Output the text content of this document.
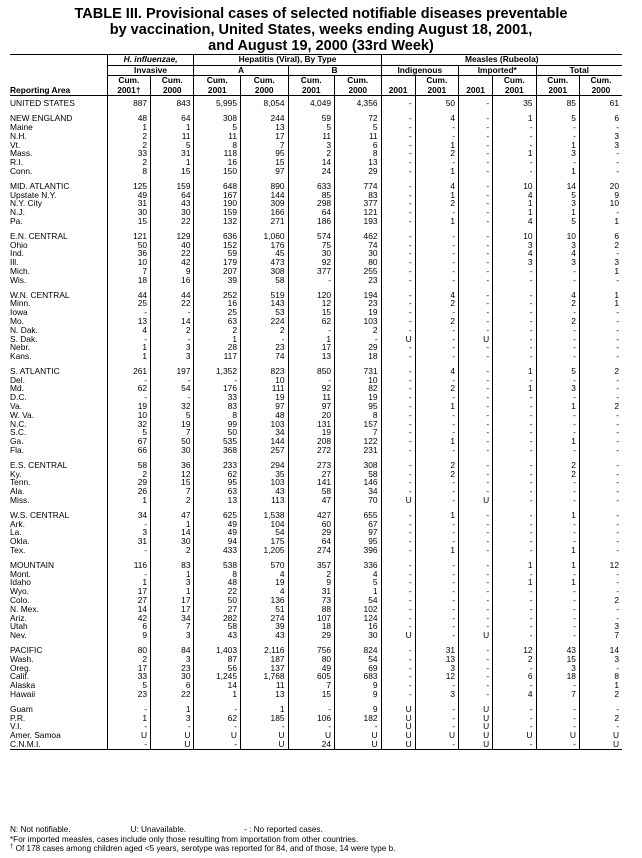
TABLE III. Provisional cases of selected notifiable diseases preventable
by vaccination, United States, weeks ending August 18, 2001,
and August 19, 2000 (33rd Week)
	H. influenzae,		Hepatitis (Viral), By Type				Measles (Rubeola)					
	Invasive		A		B		Indigenous		Imported*		Total	
	Cum.	Cum.	Cum.	Cum.	Cum.	Cum.		Cum.		Cum.	Cum.	Cum.
Reporting Area	2001†	2000	2001	2000	2001	2000	2001	2001	2001	2001	2001	2000

UNITED STATES	887	843	5,995	8,054	4,049	4,356	-	50	-	35	85	61

NEW ENGLAND	48	64	308	244	59	72	-	4	-	1	5	6
Maine	1	1	5	13	5	5	-	-	-	-	-	-
N.H.	2	11	11	17	11	11	-	-	-	-	-	3
Vt.	2	5	8	7	3	6	-	1	-	-	1	3
Mass.	33	31	118	95	2	8	-	2	-	1	3	-
R.I.	2	1	16	15	14	13	-	-	-	-	-	-
Conn.	8	15	150	97	24	29	-	1	-	-	1	-

MID. ATLANTIC	125	159	648	890	633	774	-	4	-	10	14	20
Upstate N.Y.	49	64	167	144	85	83	-	1	-	4	5	9
N.Y. City	31	43	190	309	298	377	-	2	-	1	3	10
N.J.	30	30	159	166	64	121	-	-	-	1	1	-
Pa.	15	22	132	271	186	193	-	1	-	4	5	1

E.N. CENTRAL	121	129	636	1,060	574	462	-	-	-	10	10	6
Ohio	50	40	152	176	75	74	-	-	-	3	3	2
Ind.	36	22	59	45	30	30	-	-	-	4	4	-
Ill.	10	42	179	473	92	80	-	-	-	3	3	3
Mich.	7	9	207	308	377	255	-	-	-	-	-	1
Wis.	18	16	39	58	-	23	-	-	-	-	-	-

W.N. CENTRAL	44	44	252	519	120	194	-	4	-	-	4	1
Minn.	25	22	16	143	12	23	-	2	-	-	2	1
Iowa	-	-	25	53	15	19	-	-	-	-	-	-
Mo.	13	14	63	224	62	103	-	2	-	-	2	-
N. Dak.	4	2	2	2	-	2	-	-	-	-	-	-
S. Dak.	-	-	1	-	1	-	U	-	U	-	-	-
Nebr.	1	3	28	23	17	29	-	-	-	-	-	-
Kans.	1	3	117	74	13	18	-	-	-	-	-	-

S. ATLANTIC	261	197	1,352	823	850	731	-	4	-	1	5	2
Del.	-	-	-	10	-	10	-	-	-	-	-	-
Md.	62	54	176	111	92	82	-	2	-	1	3	-
D.C.	-	-	33	19	11	19	-	-	-	-	-	-
Va.	19	32	83	97	97	95	-	1	-	-	1	2
W. Va.	10	5	8	48	20	8	-	-	-	-	-	-
N.C.	32	19	99	103	131	157	-	-	-	-	-	-
S.C.	5	7	50	34	19	7	-	-	-	-	-	-
Ga.	67	50	535	144	208	122	-	1	-	-	1	-
Fla.	66	30	368	257	272	231	-	-	-	-	-	-

E.S. CENTRAL	58	36	233	294	273	308	-	2	-	-	2	-
Ky.	2	12	62	35	27	58	-	2	-	-	2	-
Tenn.	29	15	95	103	141	146	-	-	-	-	-	-
Ala.	26	7	63	43	58	34	-	-	-	-	-	-
Miss.	1	2	13	113	47	70	U	-	U	-	-	-

W.S. CENTRAL	34	47	625	1,538	427	655	-	1	-	-	1	-
Ark.	-	1	49	104	60	67	-	-	-	-	-	-
La.	3	14	49	54	29	97	-	-	-	-	-	-
Okla.	31	30	94	175	64	95	-	-	-	-	-	-
Tex.	-	2	433	1,205	274	396	-	1	-	-	1	-

MOUNTAIN	116	83	538	570	357	336	-	-	-	1	1	12
Mont.	-	1	8	4	2	4	-	-	-	-	-	-
Idaho	1	3	48	19	9	5	-	-	-	1	1	-
Wyo.	17	1	22	4	31	1	-	-	-	-	-	-
Colo.	27	17	50	136	73	54	-	-	-	-	-	2
N. Mex.	14	17	27	51	88	102	-	-	-	-	-	-
Ariz.	42	34	282	274	107	124	-	-	-	-	-	-
Utah	6	7	58	39	18	16	-	-	-	-	-	3
Nev.	9	3	43	43	29	30	U	-	U	-	-	7

PACIFIC	80	84	1,403	2,116	756	824	-	31	-	12	43	14
Wash.	2	3	87	187	80	54	-	13	-	2	15	3
Oreg.	17	23	56	137	49	69	-	3	-	-	3	-
Calif.	33	30	1,245	1,768	605	683	-	12	-	6	18	8
Alaska	5	6	14	11	7	9	-	-	-	-	-	1
Hawaii	23	22	1	13	15	9	-	3	-	4	7	2

Guam	-	1	-	1	-	9	U	-	U	-	-	-
P.R.	1	3	62	185	106	182	U	-	U	-	-	2
V.I.	-	-	-	-	-	-	U	-	U	-	-	-
Amer. Samoa	U	U	U	U	U	U	U	U	U	U	U	U
C.N.M.I.	-	U	-	U	24	U	U	-	U	-	-	U
N: Not notifiable.	U: Unavailable.	- : No reported cases.
*For imported measles, cases include only those resulting from importation from other countries.
† Of 178 cases among children aged <5 years, serotype was reported for 84, and of those, 14 were type b.
